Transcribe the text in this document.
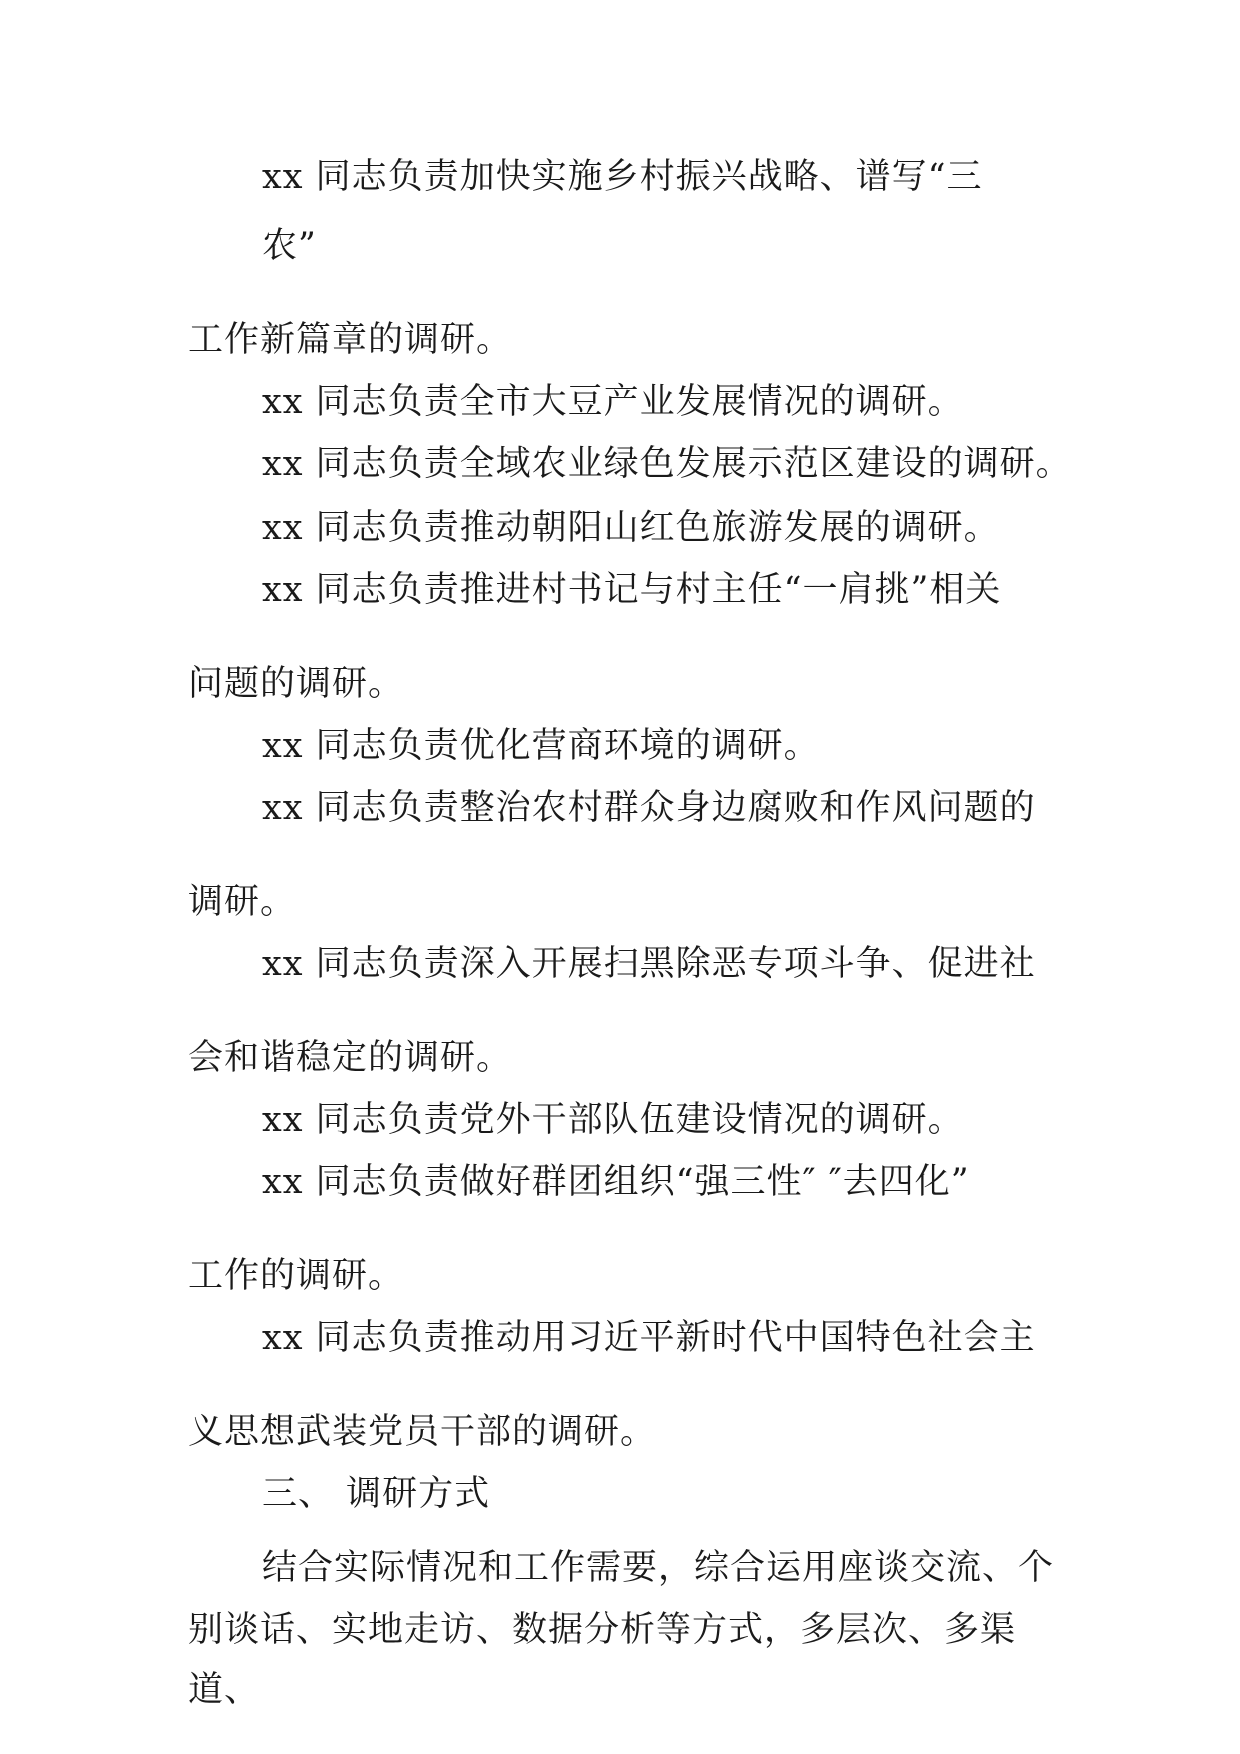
xx 同志负责加快实施乡村振兴战略、谱写“三
农”
工作新篇章的调研。
xx 同志负责全市大豆产业发展情况的调研。
xx 同志负责全域农业绿色发展示范区建设的调研。
xx 同志负责推动朝阳山红色旅游发展的调研。
xx 同志负责推进村书记与村主任“一肩挑”相关
问题的调研。
xx 同志负责优化营商环境的调研。
xx 同志负责整治农村群众身边腐败和作风问题的
调研。
xx 同志负责深入开展扫黑除恶专项斗争、促进社
会和谐稳定的调研。
xx 同志负责党外干部队伍建设情况的调研。
xx 同志负责做好群团组织“强三性″ ″去四化”
工作的调研。
xx 同志负责推动用习近平新时代中国特色社会主
义思想武装党员干部的调研。
三、 调研方式
结合实际情况和工作需要，综合运用座谈交流、个
别谈话、实地走访、数据分析等方式，多层次、多渠
道、
